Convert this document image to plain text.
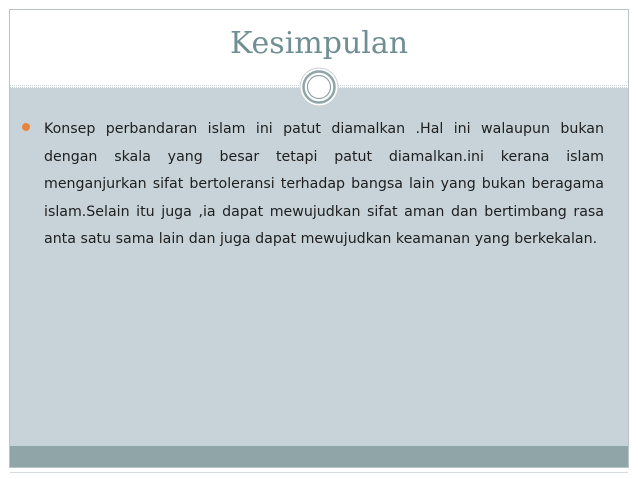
Kesimpulan
Konsep perbandaran islam ini patut diamalkan .Hal ini walaupun bukan dengan skala yang besar tetapi patut diamalkan.ini kerana islam menganjurkan sifat bertoleransi terhadap bangsa lain yang bukan beragama islam.Selain itu juga ,ia dapat mewujudkan sifat aman dan bertimbang rasa anta satu sama lain dan juga dapat mewujudkan keamanan yang berkekalan.
